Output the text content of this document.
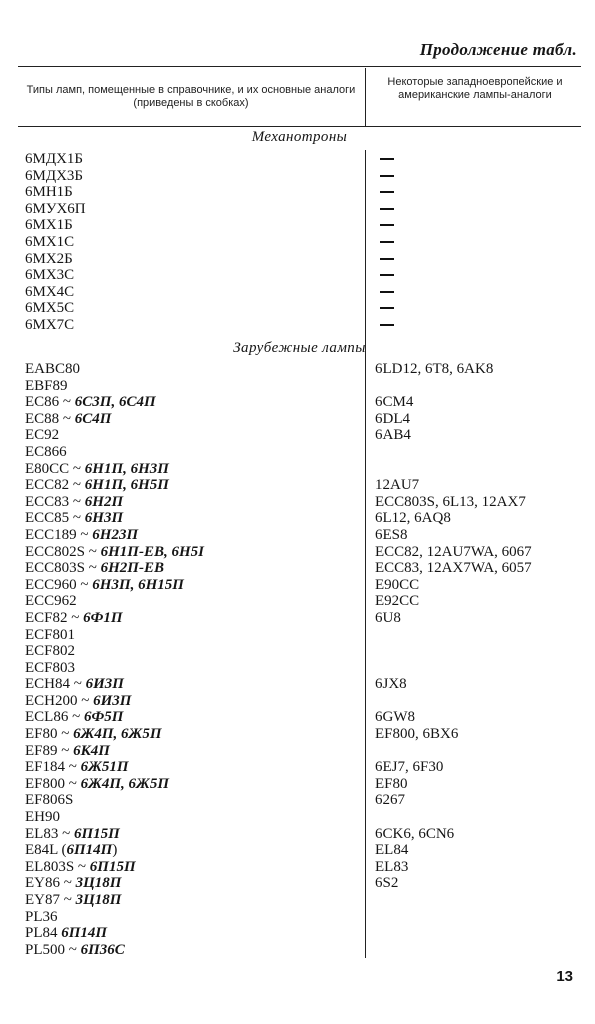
Продолжение табл.
Типы ламп, помещенные в справочнике, и их основные аналоги (приведены в скобках)
Некоторые западноевропейские и американские лампы-аналоги
Механотроны
6МДХ1Б
6МДХ3Б
6МН1Б
6МУХ6П
6МХ1Б
6МХ1С
6МХ2Б
6МХ3С
6МХ4С
6МХ5С
6МХ7С
Зарубежные лампы
EABC80	6LD12, 6T8, 6AK8
EBF89
EC86 ~ 6С3П, 6С4П	6CM4
EC88 ~ 6С4П	6DL4
EC92	6AB4
EC866
E80CC ~ 6Н1П, 6Н3П
ECC82 ~ 6Н1П, 6Н5П	12AU7
ECC83 ~ 6Н2П	ECC803S, 6L13, 12AX7
ECC85 ~ 6Н3П	6L12, 6AQ8
ECC189 ~ 6Н23П	6ES8
ECC802S ~ 6Н1П-ЕВ, 6Н5І	ECC82, 12AU7WA, 6067
ECC803S ~ 6Н2П-ЕВ	ECC83, 12AX7WA, 6057
ECC960 ~ 6Н3П, 6Н15П	E90CC
ECC962	E92CC
ECF82 ~ 6Ф1П	6U8
ECF801
ECF802
ECF803
ECH84 ~ 6И3П	6JX8
ECH200 ~ 6И3П
ECL86 ~ 6Ф5П	6GW8
EF80 ~ 6Ж4П, 6Ж5П	EF800, 6BX6
EF89 ~ 6К4П
EF184 ~ 6Ж51П	6EJ7, 6F30
EF800 ~ 6Ж4П, 6Ж5П	EF80
EF806S	6267
EH90
EL83 ~ 6П15П	6CK6, 6CN6
E84L (6П14П)	EL84
EL803S ~ 6П15П	EL83
EY86 ~ 3Ц18П	6S2
EY87 ~ 3Ц18П
PL36
PL84 6П14П
PL500 ~ 6П36С
13
